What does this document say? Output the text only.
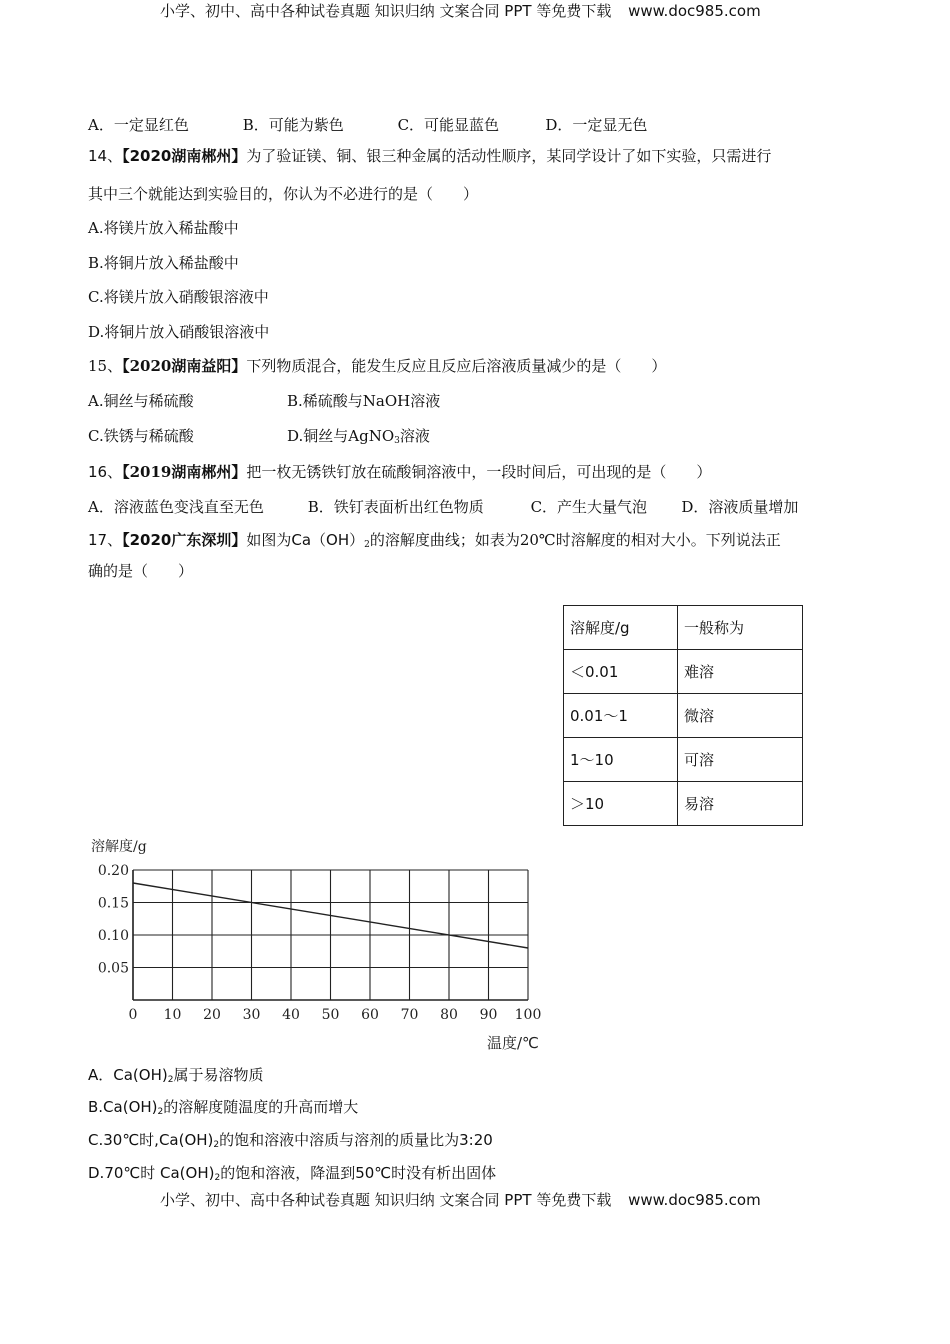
小学、初中、高中各种试卷真题 知识归纳 文案合同 PPT 等免费下载 www.doc985.com
A．一定显红色	B．可能为紫色	C．可能显蓝色	D．一定显无色
14、【2020湖南郴州】为了验证镁、铜、银三种金属的活动性顺序，某同学设计了如下实验，只需进行
其中三个就能达到实验目的，你认为不必进行的是（　　）
A.将镁片放入稀盐酸中
B.将铜片放入稀盐酸中
C.将镁片放入硝酸银溶液中
D.将铜片放入硝酸银溶液中
15、【2020湖南益阳】下列物质混合，能发生反应且反应后溶液质量减少的是（　　）
A.铜丝与稀硫酸	B.稀硫酸与NaOH溶液
C.铁锈与稀硫酸	D.铜丝与AgNO$_3$溶液
16、【2019湖南郴州】把一枚无锈铁钉放在硫酸铜溶液中，一段时间后，可出现的是（　　）
A．溶液蓝色变浅直至无色	B．铁钉表面析出红色物质	C．产生大量气泡 D．溶液质量增加
17、【2020广东深圳】如图为$Ca(OH)_2$的溶解度曲线；如表为20℃时溶解度的相对大小。下列说法正
确的是（　　）
溶解度/g	一般称为
＜0.01	难溶
0.01～1	微溶
1～10	可溶
＞10	易溶
0 10 20 30 40 50 60 70 80 90 100
0.05
0.10
0.15
0.20
溶解度/g
温度/℃
A．$Ca(OH)_2$属于易溶物质
$B.Ca(OH)_2$的溶解度随温度的升高而增大
C.30℃时$,Ca(OH)_2$的饱和溶液中溶质与溶剂的质量比为3:20
D.70℃时 $Ca(OH)_2$的饱和溶液，降温到50℃时没有析出固体
小学、初中、高中各种试卷真题 知识归纳 文案合同 PPT 等免费下载 www.doc985.com
